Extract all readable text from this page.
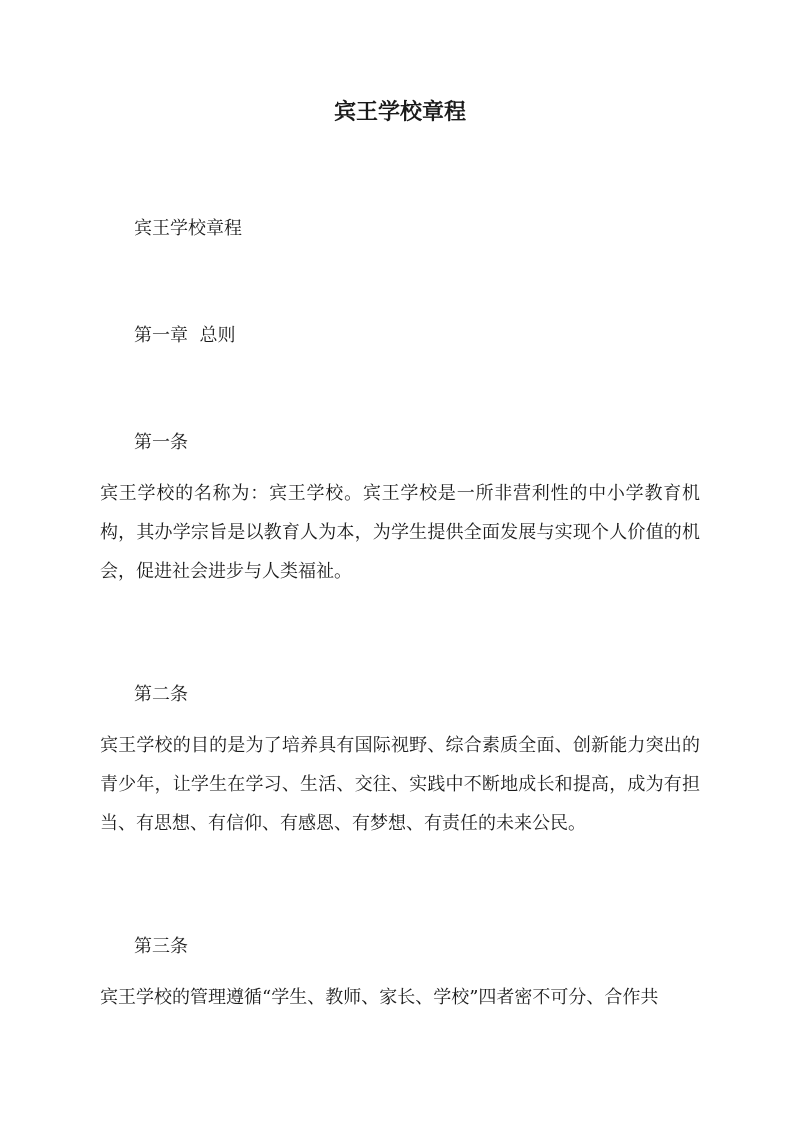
宾王学校章程
宾王学校章程
第一章  总则
第一条
宾王学校的名称为：宾王学校。宾王学校是一所非营利性的中小学教育机构，其办学宗旨是以教育人为本，为学生提供全面发展与实现个人价值的机会，促进社会进步与人类福祉。
第二条
宾王学校的目的是为了培养具有国际视野、综合素质全面、创新能力突出的青少年，让学生在学习、生活、交往、实践中不断地成长和提高，成为有担当、有思想、有信仰、有感恩、有梦想、有责任的未来公民。
第三条
宾王学校的管理遵循“学生、教师、家长、学校”四者密不可分、合作共
